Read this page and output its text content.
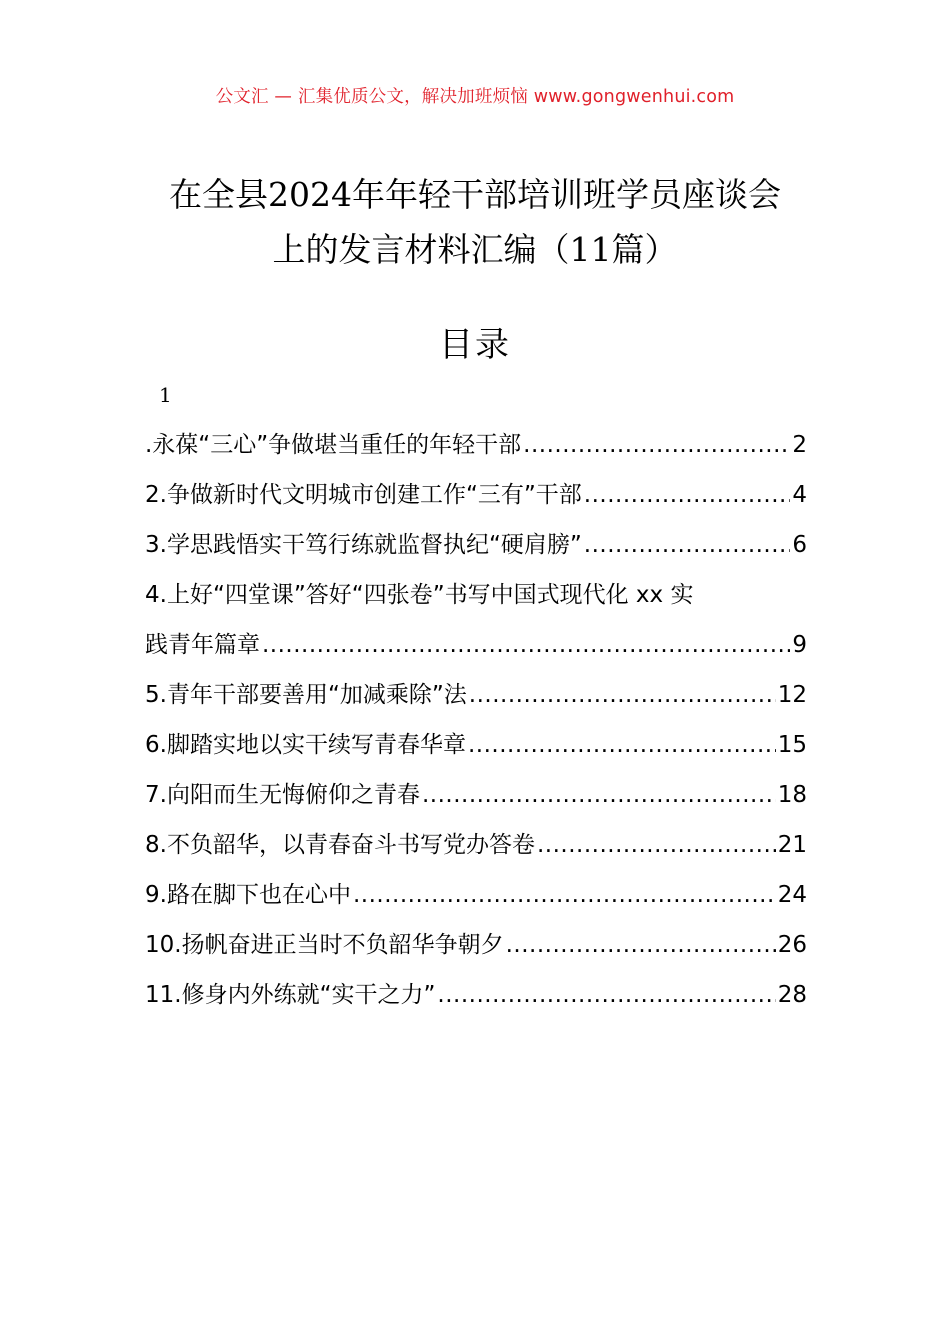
公文汇 — 汇集优质公文，解决加班烦恼 www.gongwenhui.com
在全县2024年年轻干部培训班学员座谈会
上的发言材料汇编（11篇）
目录
1
.永葆“三心”争做堪当重任的年轻干部 .....	2
2.争做新时代文明城市创建工作“三有”干部 .....	4
3.学思践悟实干笃行练就监督执纪“硬肩膀” .....	6
4.上好“四堂课”答好“四张卷”书写中国式现代化 xx 实
践青年篇章 .....	9
5.青年干部要善用“加减乘除”法 .....	12
6.脚踏实地以实干续写青春华章 .....	15
7.向阳而生无悔俯仰之青春 .....	18
8.不负韶华，以青春奋斗书写党办答卷 .....	21
9.路在脚下也在心中 .....	24
10.扬帆奋进正当时不负韶华争朝夕 .....	26
11.修身内外练就“实干之力” .....	28
